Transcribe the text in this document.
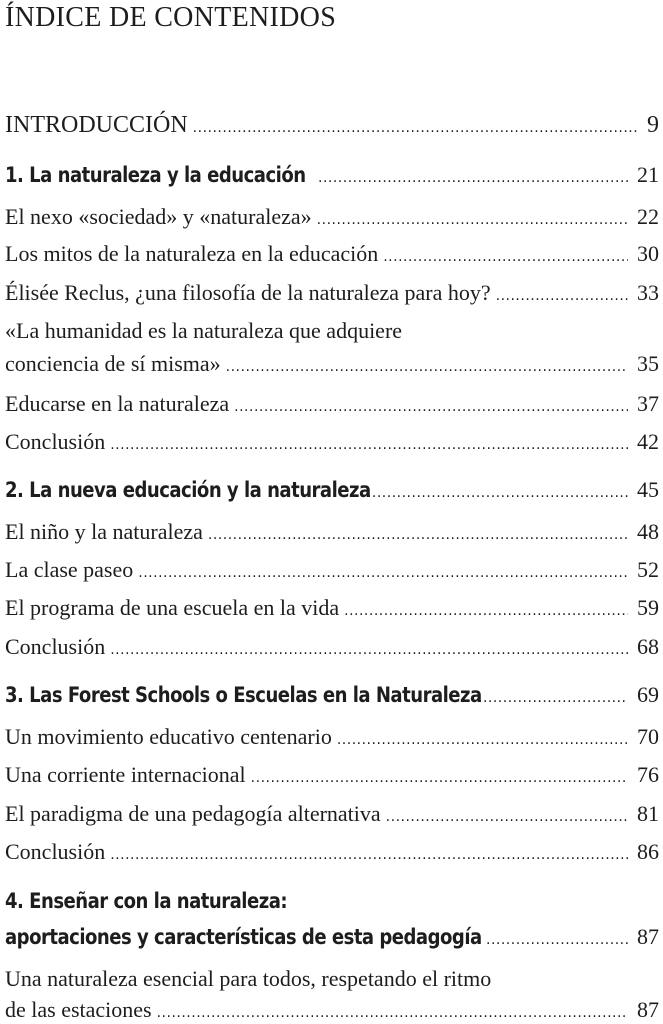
ÍNDICE DE CONTENIDOS
INTRODUCCIÓN .....	9
1. La naturaleza y la educación .....	21
El nexo «sociedad» y «naturaleza» .....	22
Los mitos de la naturaleza en la educación .....	30
Élisée Reclus, ¿una filosofía de la naturaleza para hoy? .....	33
«La humanidad es la naturaleza que adquiere
conciencia de sí misma» .....	35
Educarse en la naturaleza .....	37
Conclusión .....	42
2. La nueva educación y la naturaleza .....	45
El niño y la naturaleza .....	48
La clase paseo .....	52
El programa de una escuela en la vida .....	59
Conclusión .....	68
3. Las Forest Schools o Escuelas en la Naturaleza .....	69
Un movimiento educativo centenario .....	70
Una corriente internacional .....	76
El paradigma de una pedagogía alternativa .....	81
Conclusión .....	86
4. Enseñar con la naturaleza:
aportaciones y características de esta pedagogía .....	87
Una naturaleza esencial para todos, respetando el ritmo
de las estaciones .....	87
